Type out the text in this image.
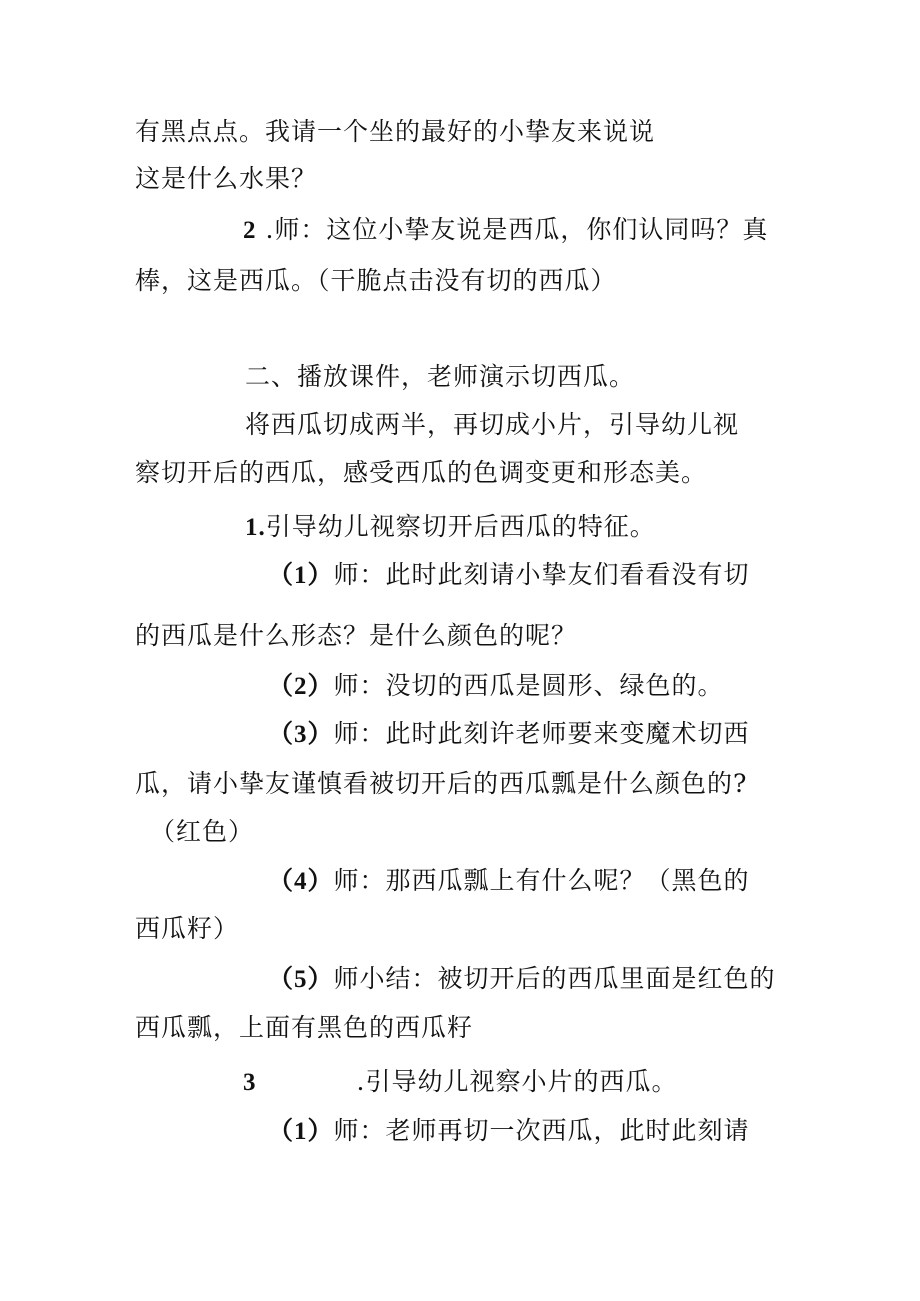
有黑点点。我请一个坐的最好的小挚友来说说
这是什么水果？
2 .师：这位小挚友说是西瓜，你们认同吗？真
棒，这是西瓜。（干脆点击没有切的西瓜）
二、播放课件，老师演示切西瓜。
将西瓜切成两半，再切成小片，引导幼儿视
察切开后的西瓜，感受西瓜的色调变更和形态美。
1.引导幼儿视察切开后西瓜的特征。
（1）师：此时此刻请小挚友们看看没有切
的西瓜是什么形态？是什么颜色的呢？
（2）师：没切的西瓜是圆形、绿色的。
（3）师：此时此刻许老师要来变魔术切西
瓜，请小挚友谨慎看被切开后的西瓜瓢是什么颜色的?
（红色）
（4）师：那西瓜瓢上有什么呢？（黑色的
西瓜籽）
（5）师小结：被切开后的西瓜里面是红色的
西瓜瓢，上面有黑色的西瓜籽
3	.引导幼儿视察小片的西瓜。
（1）师：老师再切一次西瓜，此时此刻请
